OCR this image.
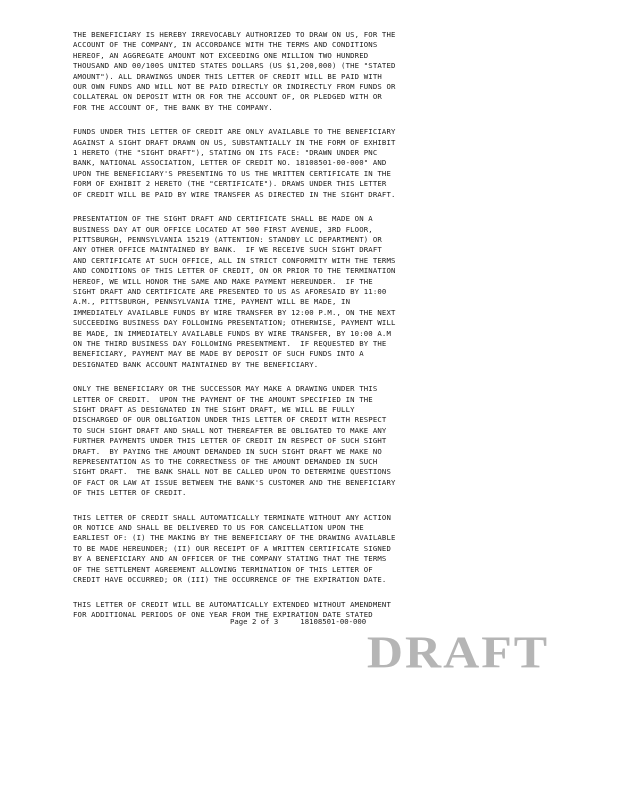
THE BENEFICIARY IS HEREBY IRREVOCABLY AUTHORIZED TO DRAW ON US, FOR THE
ACCOUNT OF THE COMPANY, IN ACCORDANCE WITH THE TERMS AND CONDITIONS
HEREOF, AN AGGREGATE AMOUNT NOT EXCEEDING ONE MILLION TWO HUNDRED
THOUSAND AND 00/100S UNITED STATES DOLLARS (US $1,200,000) (THE "STATED
AMOUNT"). ALL DRAWINGS UNDER THIS LETTER OF CREDIT WILL BE PAID WITH
OUR OWN FUNDS AND WILL NOT BE PAID DIRECTLY OR INDIRECTLY FROM FUNDS OR
COLLATERAL ON DEPOSIT WITH OR FOR THE ACCOUNT OF, OR PLEDGED WITH OR
FOR THE ACCOUNT OF, THE BANK BY THE COMPANY.
FUNDS UNDER THIS LETTER OF CREDIT ARE ONLY AVAILABLE TO THE BENEFICIARY
AGAINST A SIGHT DRAFT DRAWN ON US, SUBSTANTIALLY IN THE FORM OF EXHIBIT
1 HERETO (THE "SIGHT DRAFT"), STATING ON ITS FACE: "DRAWN UNDER PNC
BANK, NATIONAL ASSOCIATION, LETTER OF CREDIT NO. 18108501-00-000" AND
UPON THE BENEFICIARY'S PRESENTING TO US THE WRITTEN CERTIFICATE IN THE
FORM OF EXHIBIT 2 HERETO (THE "CERTIFICATE"). DRAWS UNDER THIS LETTER
OF CREDIT WILL BE PAID BY WIRE TRANSFER AS DIRECTED IN THE SIGHT DRAFT.
PRESENTATION OF THE SIGHT DRAFT AND CERTIFICATE SHALL BE MADE ON A
BUSINESS DAY AT OUR OFFICE LOCATED AT 500 FIRST AVENUE, 3RD FLOOR,
PITTSBURGH, PENNSYLVANIA 15219 (ATTENTION: STANDBY LC DEPARTMENT) OR
ANY OTHER OFFICE MAINTAINED BY BANK.  IF WE RECEIVE SUCH SIGHT DRAFT
AND CERTIFICATE AT SUCH OFFICE, ALL IN STRICT CONFORMITY WITH THE TERMS
AND CONDITIONS OF THIS LETTER OF CREDIT, ON OR PRIOR TO THE TERMINATION
HEREOF, WE WILL HONOR THE SAME AND MAKE PAYMENT HEREUNDER.  IF THE
SIGHT DRAFT AND CERTIFICATE ARE PRESENTED TO US AS AFORESAID BY 11:00
A.M., PITTSBURGH, PENNSYLVANIA TIME, PAYMENT WILL BE MADE, IN
IMMEDIATELY AVAILABLE FUNDS BY WIRE TRANSFER BY 12:00 P.M., ON THE NEXT
SUCCEEDING BUSINESS DAY FOLLOWING PRESENTATION; OTHERWISE, PAYMENT WILL
BE MADE, IN IMMEDIATELY AVAILABLE FUNDS BY WIRE TRANSFER, BY 10:00 A.M
ON THE THIRD BUSINESS DAY FOLLOWING PRESENTMENT.  IF REQUESTED BY THE
BENEFICIARY, PAYMENT MAY BE MADE BY DEPOSIT OF SUCH FUNDS INTO A
DESIGNATED BANK ACCOUNT MAINTAINED BY THE BENEFICIARY.
ONLY THE BENEFICIARY OR THE SUCCESSOR MAY MAKE A DRAWING UNDER THIS
LETTER OF CREDIT.  UPON THE PAYMENT OF THE AMOUNT SPECIFIED IN THE
SIGHT DRAFT AS DESIGNATED IN THE SIGHT DRAFT, WE WILL BE FULLY
DISCHARGED OF OUR OBLIGATION UNDER THIS LETTER OF CREDIT WITH RESPECT
TO SUCH SIGHT DRAFT AND SHALL NOT THEREAFTER BE OBLIGATED TO MAKE ANY
FURTHER PAYMENTS UNDER THIS LETTER OF CREDIT IN RESPECT OF SUCH SIGHT
DRAFT.  BY PAYING THE AMOUNT DEMANDED IN SUCH SIGHT DRAFT WE MAKE NO
REPRESENTATION AS TO THE CORRECTNESS OF THE AMOUNT DEMANDED IN SUCH
SIGHT DRAFT.  THE BANK SHALL NOT BE CALLED UPON TO DETERMINE QUESTIONS
OF FACT OR LAW AT ISSUE BETWEEN THE BANK'S CUSTOMER AND THE BENEFICIARY
OF THIS LETTER OF CREDIT.
THIS LETTER OF CREDIT SHALL AUTOMATICALLY TERMINATE WITHOUT ANY ACTION
OR NOTICE AND SHALL BE DELIVERED TO US FOR CANCELLATION UPON THE
EARLIEST OF: (I) THE MAKING BY THE BENEFICIARY OF THE DRAWING AVAILABLE
TO BE MADE HEREUNDER; (II) OUR RECEIPT OF A WRITTEN CERTIFICATE SIGNED
BY A BENEFICIARY AND AN OFFICER OF THE COMPANY STATING THAT THE TERMS
OF THE SETTLEMENT AGREEMENT ALLOWING TERMINATION OF THIS LETTER OF
CREDIT HAVE OCCURRED; OR (III) THE OCCURRENCE OF THE EXPIRATION DATE.
THIS LETTER OF CREDIT WILL BE AUTOMATICALLY EXTENDED WITHOUT AMENDMENT
FOR ADDITIONAL PERIODS OF ONE YEAR FROM THE EXPIRATION DATE STATED
Page 2 of 3	18108501-00-000
DRAFT
